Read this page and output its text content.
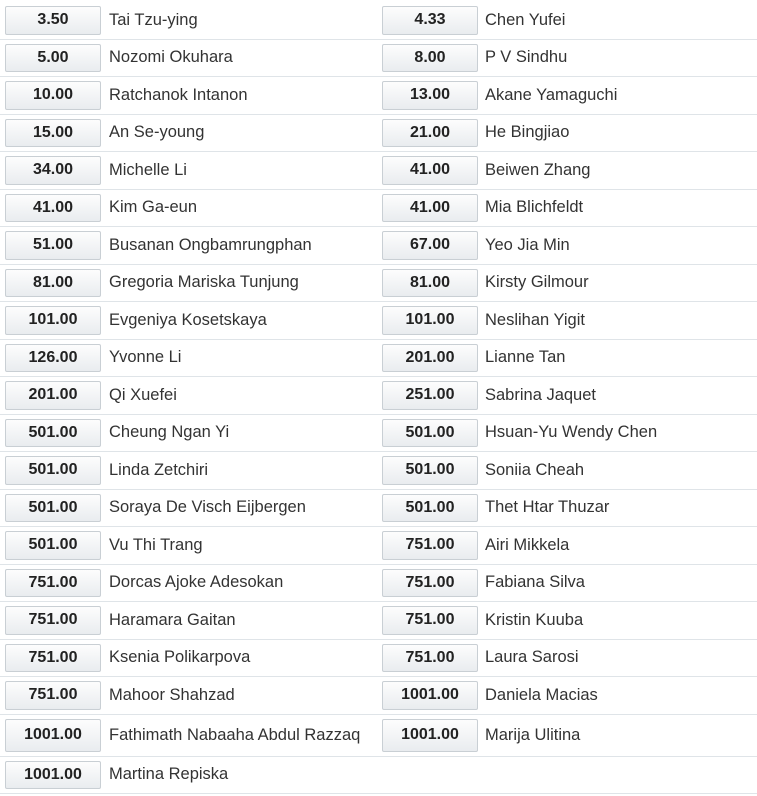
3.50	Tai Tzu-ying	4.33	Chen Yufei
5.00	Nozomi Okuhara	8.00	P V Sindhu
10.00	Ratchanok Intanon	13.00	Akane Yamaguchi
15.00	An Se-young	21.00	He Bingjiao
34.00	Michelle Li	41.00	Beiwen Zhang
41.00	Kim Ga-eun	41.00	Mia Blichfeldt
51.00	Busanan Ongbamrungphan	67.00	Yeo Jia Min
81.00	Gregoria Mariska Tunjung	81.00	Kirsty Gilmour
101.00	Evgeniya Kosetskaya	101.00	Neslihan Yigit
126.00	Yvonne Li	201.00	Lianne Tan
201.00	Qi Xuefei	251.00	Sabrina Jaquet
501.00	Cheung Ngan Yi	501.00	Hsuan-Yu Wendy Chen
501.00	Linda Zetchiri	501.00	Soniia Cheah
501.00	Soraya De Visch Eijbergen	501.00	Thet Htar Thuzar
501.00	Vu Thi Trang	751.00	Airi Mikkela
751.00	Dorcas Ajoke Adesokan	751.00	Fabiana Silva
751.00	Haramara Gaitan	751.00	Kristin Kuuba
751.00	Ksenia Polikarpova	751.00	Laura Sarosi
751.00	Mahoor Shahzad	1001.00	Daniela Macias
1001.00	Fathimath Nabaaha Abdul Razzaq	1001.00	Marija Ulitina
1001.00	Martina Repiska
